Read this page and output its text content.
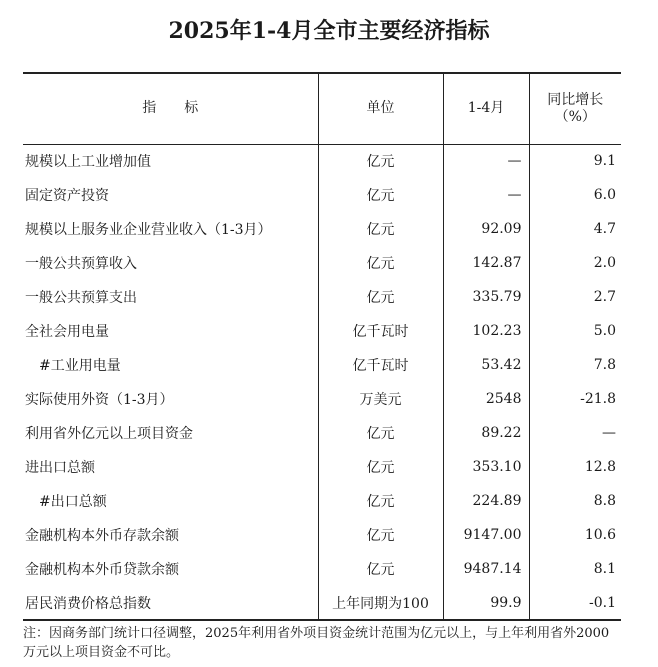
2025年1-4月全市主要经济指标
指　　标	单位	1-4月	同比增长
（%）

规模以上工业增加值	亿元	—	9.1
固定资产投资	亿元	—	6.0
规模以上服务业企业营业收入（1-3月）	亿元	92.09	4.7
一般公共预算收入	亿元	142.87	2.0
一般公共预算支出	亿元	335.79	2.7
全社会用电量	亿千瓦时	102.23	5.0
#工业用电量	亿千瓦时	53.42	7.8
实际使用外资（1-3月）	万美元	2548	-21.8
利用省外亿元以上项目资金	亿元	89.22	—
进出口总额	亿元	353.10	12.8
#出口总额	亿元	224.89	8.8
金融机构本外币存款余额	亿元	9147.00	10.6
金融机构本外币贷款余额	亿元	9487.14	8.1
居民消费价格总指数	上年同期为100	99.9	-0.1
注：因商务部门统计口径调整，2025年利用省外项目资金统计范围为亿元以上，与上年利用省外2000万元以上项目资金不可比。
